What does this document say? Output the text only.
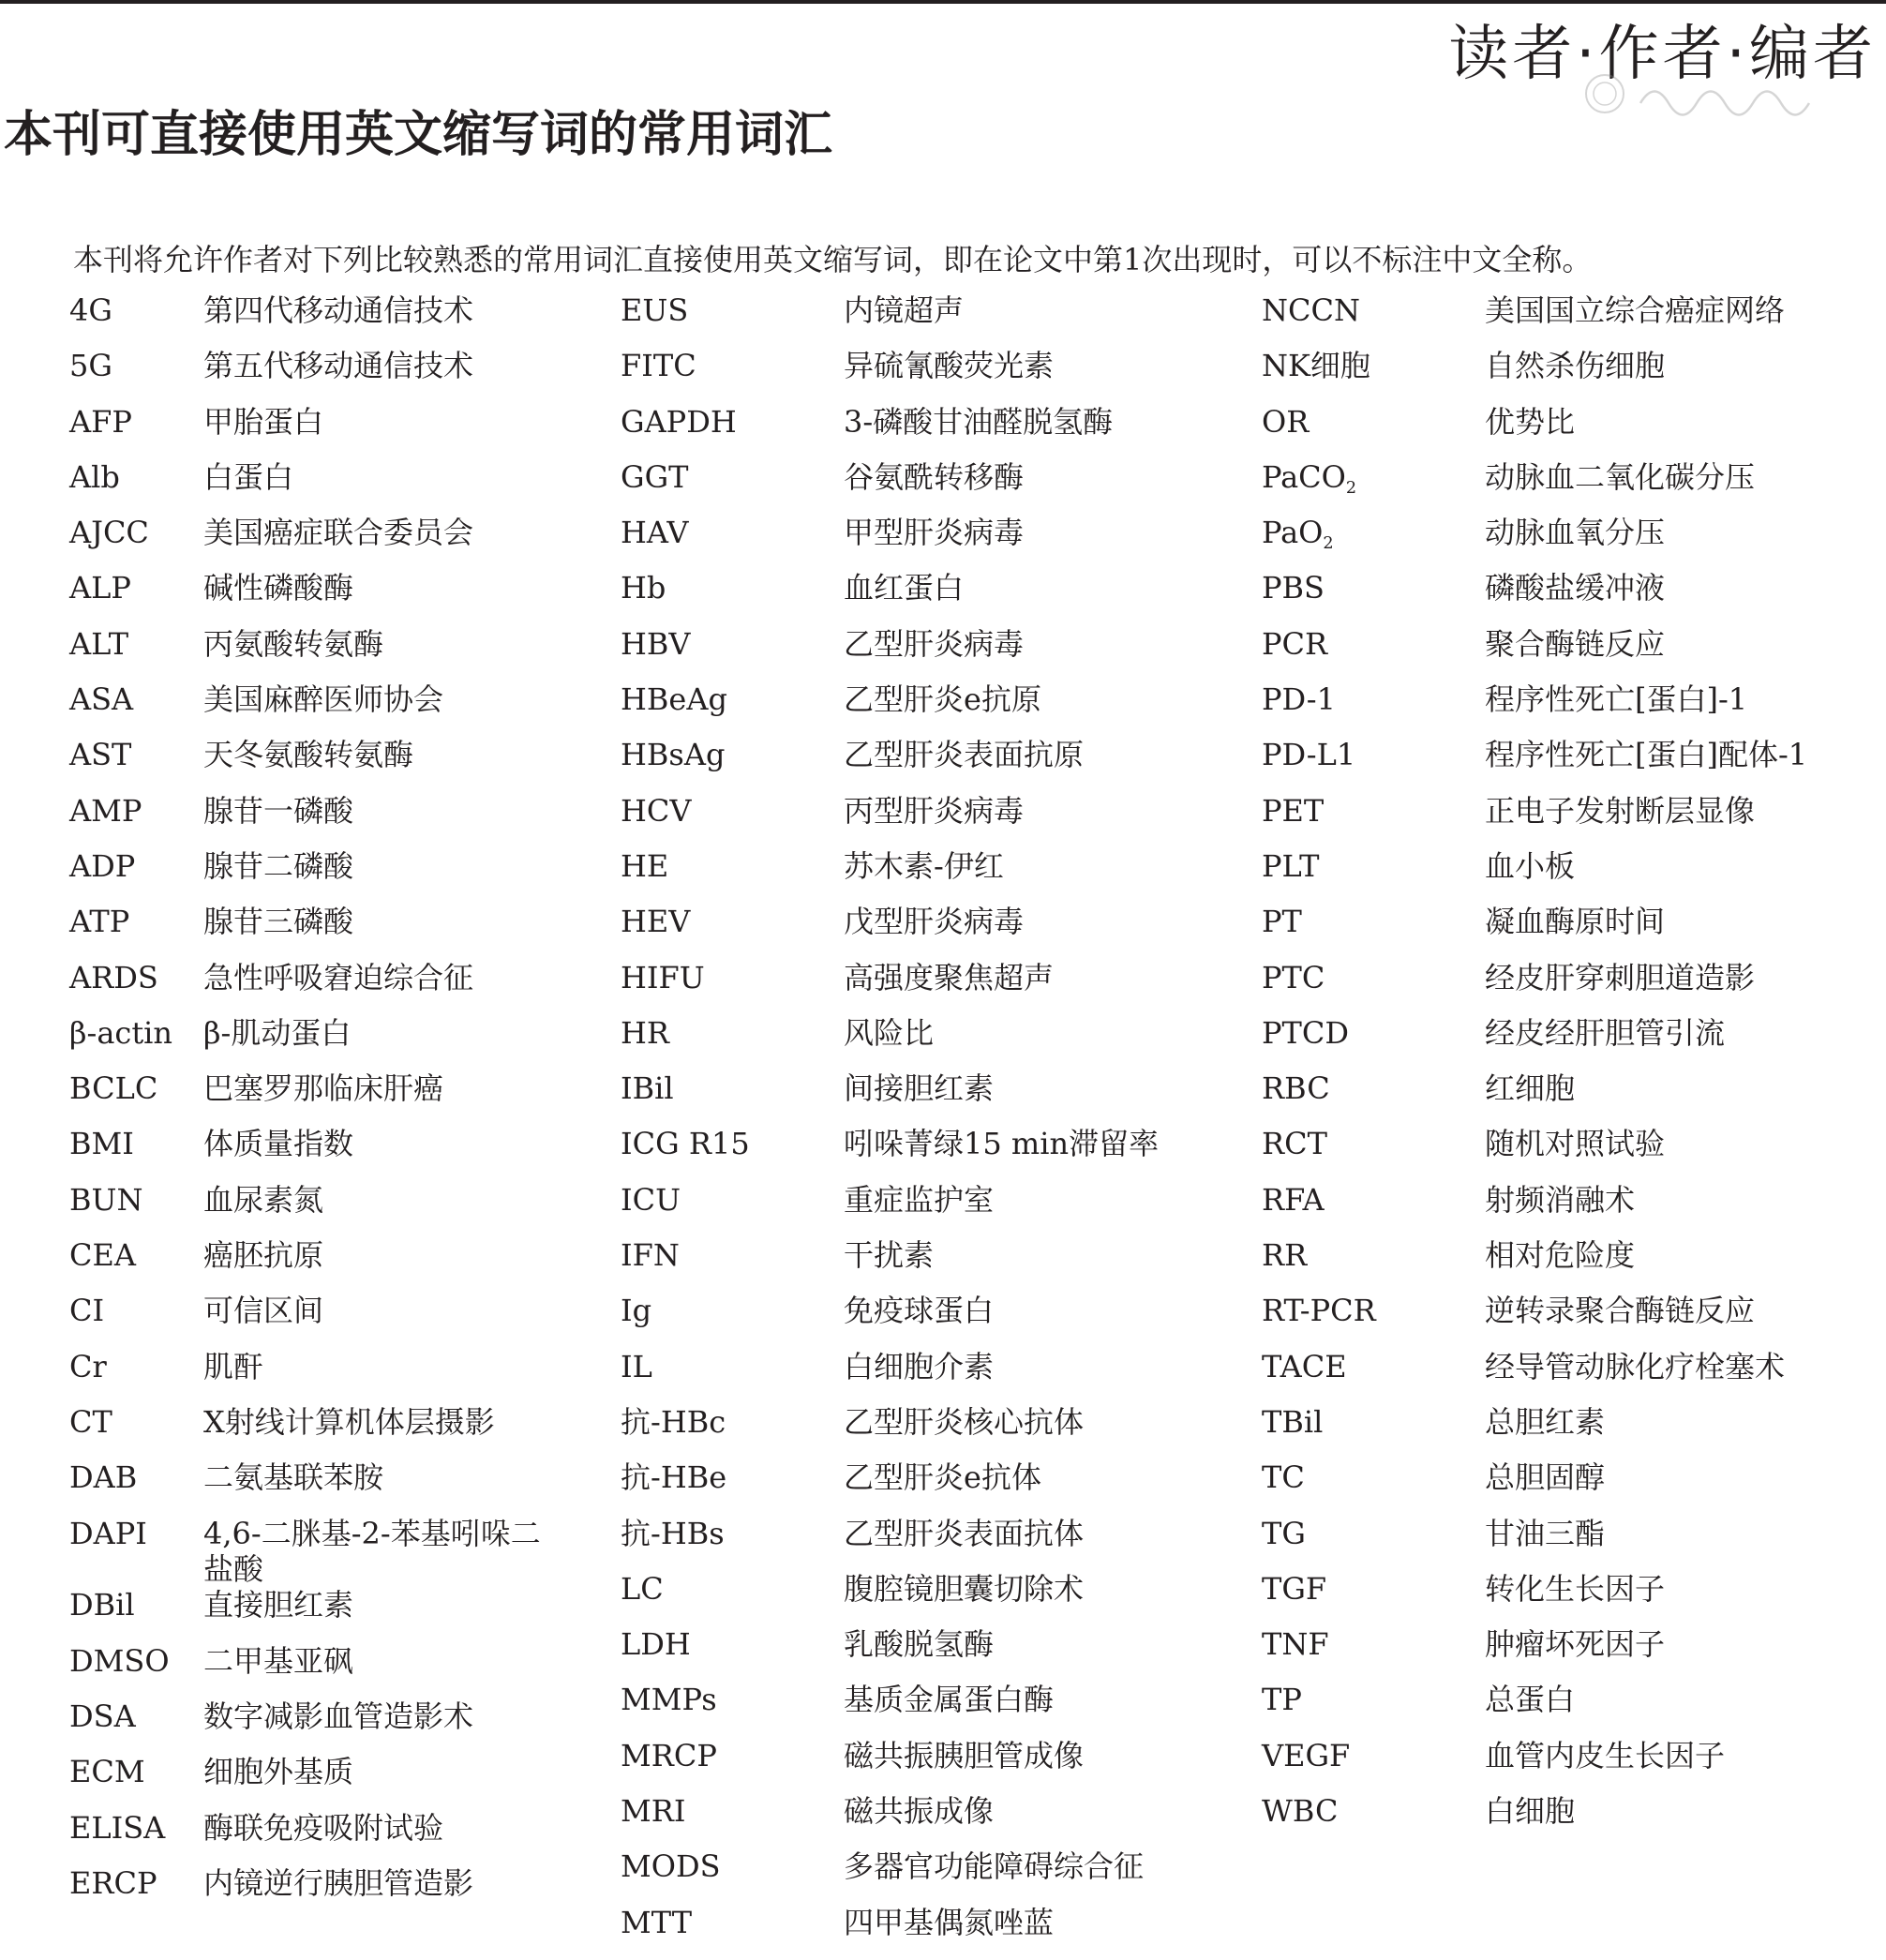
读者·作者·编者
本刊可直接使用英文缩写词的常用词汇
本刊将允许作者对下列比较熟悉的常用词汇直接使用英文缩写词，即在论文中第1次出现时，可以不标注中文全称。
4G	第四代移动通信技术
5G	第五代移动通信技术
AFP	甲胎蛋白
Alb	白蛋白
AJCC	美国癌症联合委员会
ALP	碱性磷酸酶
ALT	丙氨酸转氨酶
ASA	美国麻醉医师协会
AST	天冬氨酸转氨酶
AMP	腺苷一磷酸
ADP	腺苷二磷酸
ATP	腺苷三磷酸
ARDS	急性呼吸窘迫综合征
β-actin	β-肌动蛋白
BCLC	巴塞罗那临床肝癌
BMI	体质量指数
BUN	血尿素氮
CEA	癌胚抗原
CI	可信区间
Cr	肌酐
CT	X射线计算机体层摄影
DAB	二氨基联苯胺
DAPI	4,6-二脒基-2-苯基吲哚二盐酸
DBil	直接胆红素
DMSO	二甲基亚砜
DSA	数字减影血管造影术
ECM	细胞外基质
ELISA	酶联免疫吸附试验
ERCP	内镜逆行胰胆管造影
EUS	内镜超声
FITC	异硫氰酸荧光素
GAPDH	3-磷酸甘油醛脱氢酶
GGT	谷氨酰转移酶
HAV	甲型肝炎病毒
Hb	血红蛋白
HBV	乙型肝炎病毒
HBeAg	乙型肝炎e抗原
HBsAg	乙型肝炎表面抗原
HCV	丙型肝炎病毒
HE	苏木素-伊红
HEV	戊型肝炎病毒
HIFU	高强度聚焦超声
HR	风险比
IBil	间接胆红素
ICG R15	吲哚菁绿15 min滞留率
ICU	重症监护室
IFN	干扰素
Ig	免疫球蛋白
IL	白细胞介素
抗-HBc	乙型肝炎核心抗体
抗-HBe	乙型肝炎e抗体
抗-HBs	乙型肝炎表面抗体
LC	腹腔镜胆囊切除术
LDH	乳酸脱氢酶
MMPs	基质金属蛋白酶
MRCP	磁共振胰胆管成像
MRI	磁共振成像
MODS	多器官功能障碍综合征
MTT	四甲基偶氮唑蓝
NCCN	美国国立综合癌症网络
NK细胞	自然杀伤细胞
OR	优势比
PaCO$_2$	动脉血二氧化碳分压
PaO$_2$	动脉血氧分压
PBS	磷酸盐缓冲液
PCR	聚合酶链反应
PD-1	程序性死亡[蛋白]-1
PD-L1	程序性死亡[蛋白]配体-1
PET	正电子发射断层显像
PLT	血小板
PT	凝血酶原时间
PTC	经皮肝穿刺胆道造影
PTCD	经皮经肝胆管引流
RBC	红细胞
RCT	随机对照试验
RFA	射频消融术
RR	相对危险度
RT-PCR	逆转录聚合酶链反应
TACE	经导管动脉化疗栓塞术
TBil	总胆红素
TC	总胆固醇
TG	甘油三酯
TGF	转化生长因子
TNF	肿瘤坏死因子
TP	总蛋白
VEGF	血管内皮生长因子
WBC	白细胞
